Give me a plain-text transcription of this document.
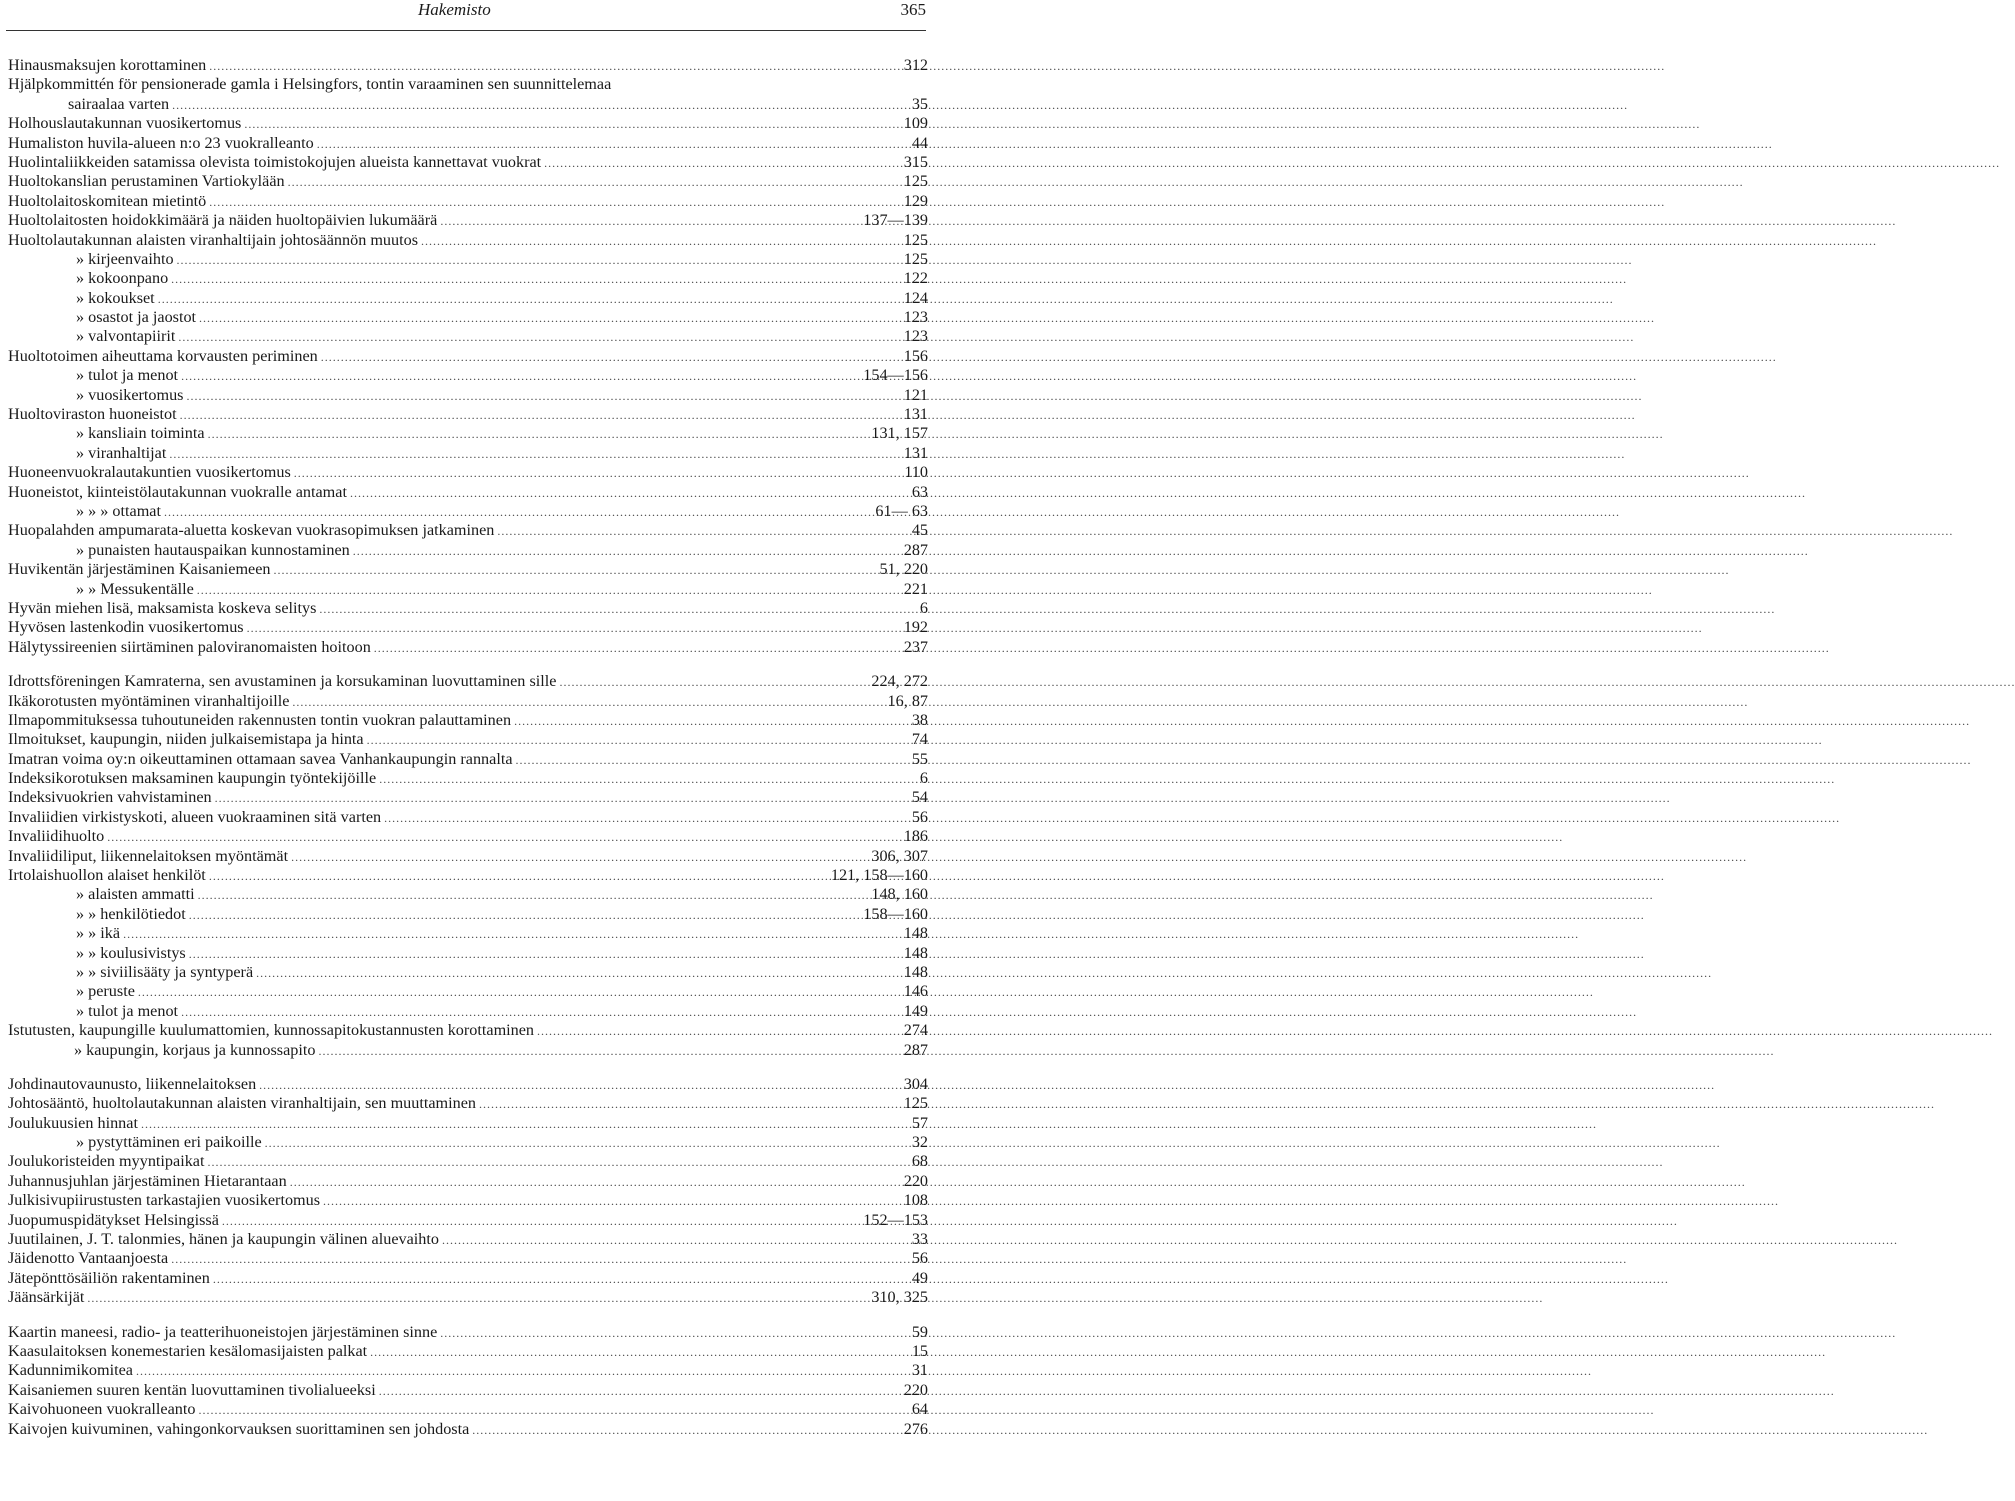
Hakemisto	365
Hinausmaksujen korottaminen .....	312
Hjälpkommittén för pensionerade gamla i Helsingfors, tontin varaaminen sen suunnittelemaa
sairaalaa varten .....	35
Holhouslautakunnan vuosikertomus .....	109
Humaliston huvila-alueen n:o 23 vuokralleanto .....	44
Huolintaliikkeiden satamissa olevista toimistokojujen alueista kannettavat vuokrat .....	315
Huoltokanslian perustaminen Vartiokylään .....	125
Huoltolaitoskomitean mietintö .....	129
Huoltolaitosten hoidokkimäärä ja näiden huoltopäivien lukumäärä .....	137—139
Huoltolautakunnan alaisten viranhaltijain johtosäännön muutos .....	125
» kirjeenvaihto .....	125
» kokoonpano .....	122
» kokoukset .....	124
» osastot ja jaostot .....	123
» valvontapiirit .....	123
Huoltotoimen aiheuttama korvausten periminen .....	156
» tulot ja menot .....	154—156
» vuosikertomus .....	121
Huoltoviraston huoneistot .....	131
» kansliain toiminta .....	131, 157
» viranhaltijat .....	131
Huoneenvuokralautakuntien vuosikertomus .....	110
Huoneistot, kiinteistölautakunnan vuokralle antamat .....	63
» » » ottamat .....	61— 63
Huopalahden ampumarata-aluetta koskevan vuokrasopimuksen jatkaminen .....	45
» punaisten hautauspaikan kunnostaminen .....	287
Huvikentän järjestäminen Kaisaniemeen .....	51, 220
» » Messukentälle .....	221
Hyvän miehen lisä, maksamista koskeva selitys .....	6
Hyvösen lastenkodin vuosikertomus .....	192
Hälytyssireenien siirtäminen paloviranomaisten hoitoon .....	237
Idrottsföreningen Kamraterna, sen avustaminen ja korsukaminan luovuttaminen sille .....	224, 272
Ikäkorotusten myöntäminen viranhaltijoille .....	16, 87
Ilmapommituksessa tuhoutuneiden rakennusten tontin vuokran palauttaminen .....	38
Ilmoitukset, kaupungin, niiden julkaisemistapa ja hinta .....	74
Imatran voima oy:n oikeuttaminen ottamaan savea Vanhankaupungin rannalta .....	55
Indeksikorotuksen maksaminen kaupungin työntekijöille .....	6
Indeksivuokrien vahvistaminen .....	54
Invaliidien virkistyskoti, alueen vuokraaminen sitä varten .....	56
Invaliidihuolto .....	186
Invaliidiliput, liikennelaitoksen myöntämät .....	306, 307
Irtolaishuollon alaiset henkilöt .....	121, 158—160
» alaisten ammatti .....	148, 160
» » henkilötiedot .....	158—160
» » ikä .....	148
» » koulusivistys .....	148
» » siviilisääty ja syntyperä .....	148
» peruste .....	146
» tulot ja menot .....	149
Istutusten, kaupungille kuulumattomien, kunnossapitokustannusten korottaminen .....	274
» kaupungin, korjaus ja kunnossapito .....	287
Johdinautovaunusto, liikennelaitoksen .....	304
Johtosääntö, huoltolautakunnan alaisten viranhaltijain, sen muuttaminen .....	125
Joulukuusien hinnat .....	57
» pystyttäminen eri paikoille .....	32
Joulukoristeiden myyntipaikat .....	68
Juhannusjuhlan järjestäminen Hietarantaan .....	220
Julkisivupiirustusten tarkastajien vuosikertomus .....	108
Juopumuspidätykset Helsingissä .....	152—153
Juutilainen, J. T. talonmies, hänen ja kaupungin välinen aluevaihto .....	33
Jäidenotto Vantaanjoesta .....	56
Jätepönttösäiliön rakentaminen .....	49
Jäänsärkijät .....	310, 325
Kaartin maneesi, radio- ja teatterihuoneistojen järjestäminen sinne .....	59
Kaasulaitoksen konemestarien kesälomasijaisten palkat .....	15
Kadunnimikomitea .....	31
Kaisaniemen suuren kentän luovuttaminen tivolialueeksi .....	220
Kaivohuoneen vuokralleanto .....	64
Kaivojen kuivuminen, vahingonkorvauksen suorittaminen sen johdosta .....	276
